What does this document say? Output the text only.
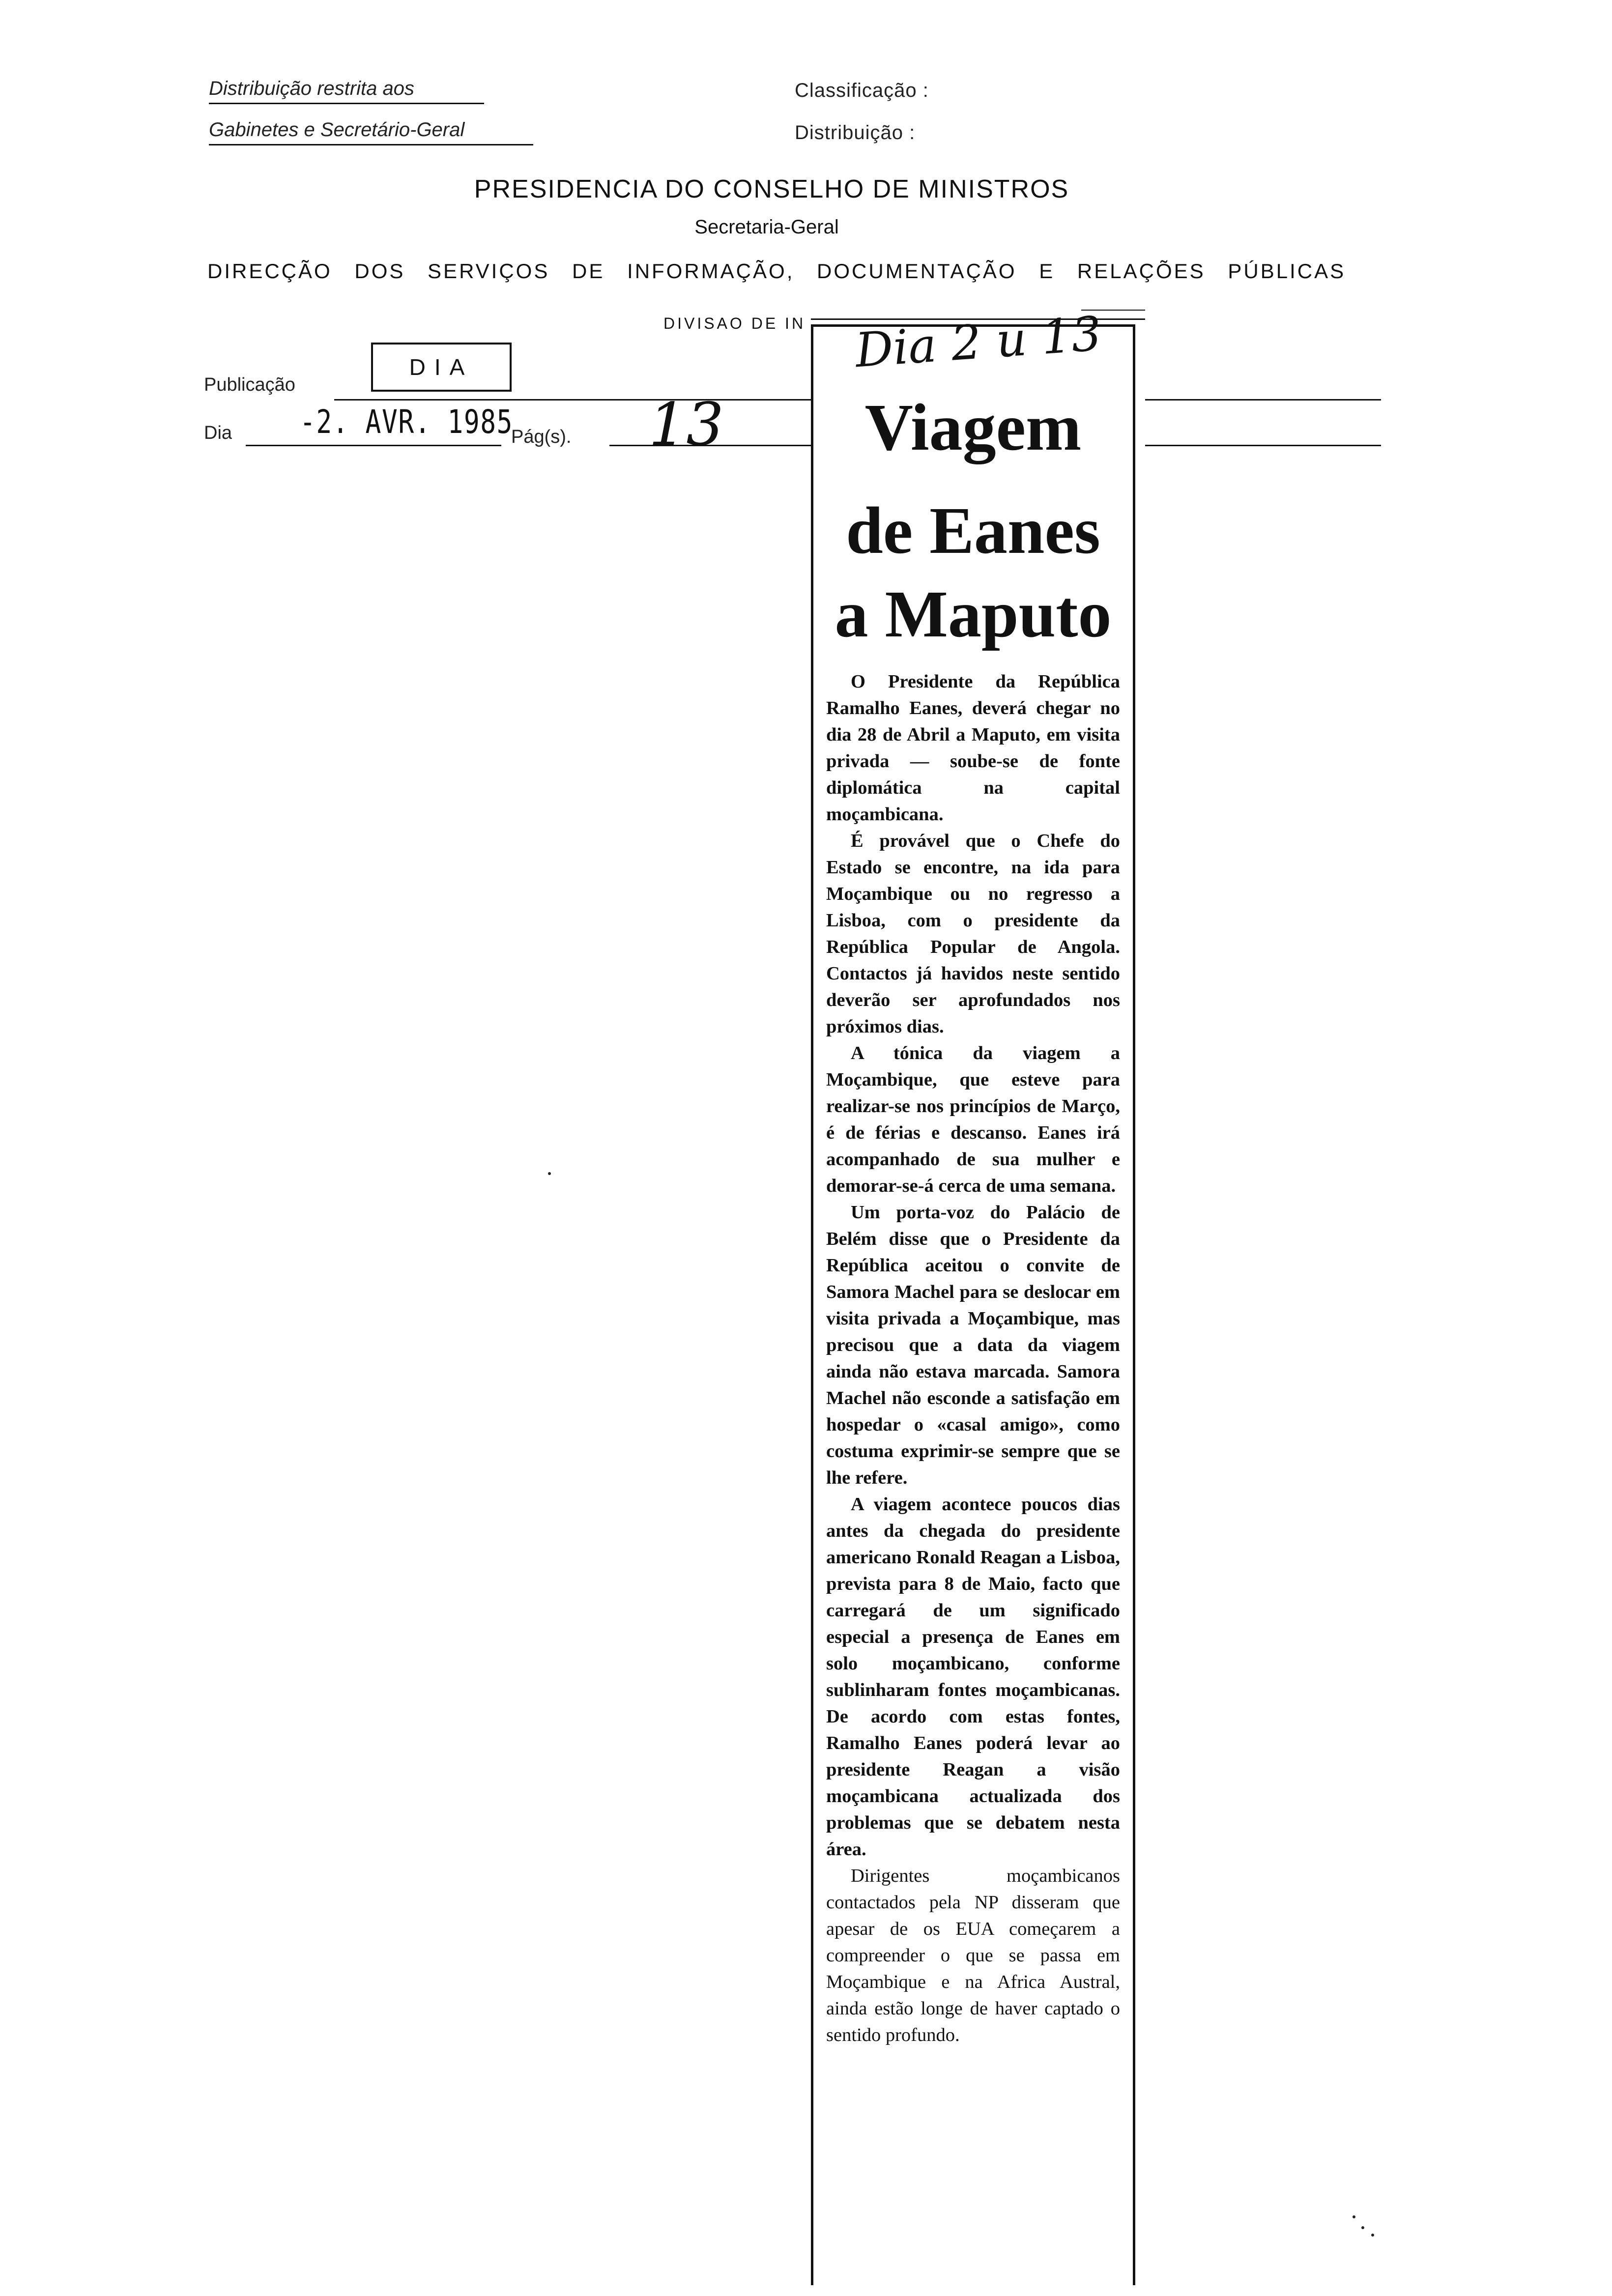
Distribuição restrita aos
Gabinetes e Secretário-Geral
Classificação :
Distribuição :
PRESIDENCIA DO CONSELHO DE MINISTROS
Secretaria-Geral
DIRECÇÃO DOS SERVIÇOS DE INFORMAÇÃO, DOCUMENTAÇÃO E RELAÇÕES PÚBLICAS
DIVISAO DE IN
Publicação
DIA
Dia -2. AVR. 1985
Pág(s). 13	Viagem
de Eanes
a Maputo

O Presidente da República Ramalho Eanes, deverá chegar no dia 28 de Abril a Maputo, em visita privada — soube-se de fonte diplomática na capital moçambicana.

É provável que o Chefe do Estado se encontre, na ida para Moçambique ou no regresso a Lisboa, com o presidente da República Popular de Angola. Contactos já havidos neste sentido deverão ser aprofundados nos próximos dias.

A tónica da viagem a Moçambique, que esteve para realizar-se nos princípios de Março, é de férias e descanso. Eanes irá acompanhado de sua mulher e demorar-se-á cerca de uma semana.

Um porta-voz do Palácio de Belém disse que o Presidente da República aceitou o convite de Samora Machel para se deslocar em visita privada a Moçambique, mas precisou que a data da viagem ainda não estava marcada. Samora Machel não esconde a satisfação em hospedar o «casal amigo», como costuma exprimir-se sempre que se lhe refere.

A viagem acontece poucos dias antes da chegada do presidente americano Ronald Reagan a Lisboa, prevista para 8 de Maio, facto que carregará de um significado especial a presença de Eanes em solo moçambicano, conforme sublinharam fontes moçambicanas. De acordo com estas fontes, Ramalho Eanes poderá levar ao presidente Reagan a visão moçambicana actualizada dos problemas que se debatem nesta área.

Dirigentes moçambicanos contactados pela NP disseram que apesar de os EUA começarem a compreender o que se passa em Moçambique e na Africa Austral, ainda estão longe de haver captado o sentido profundo.

Dia 2 u 13
